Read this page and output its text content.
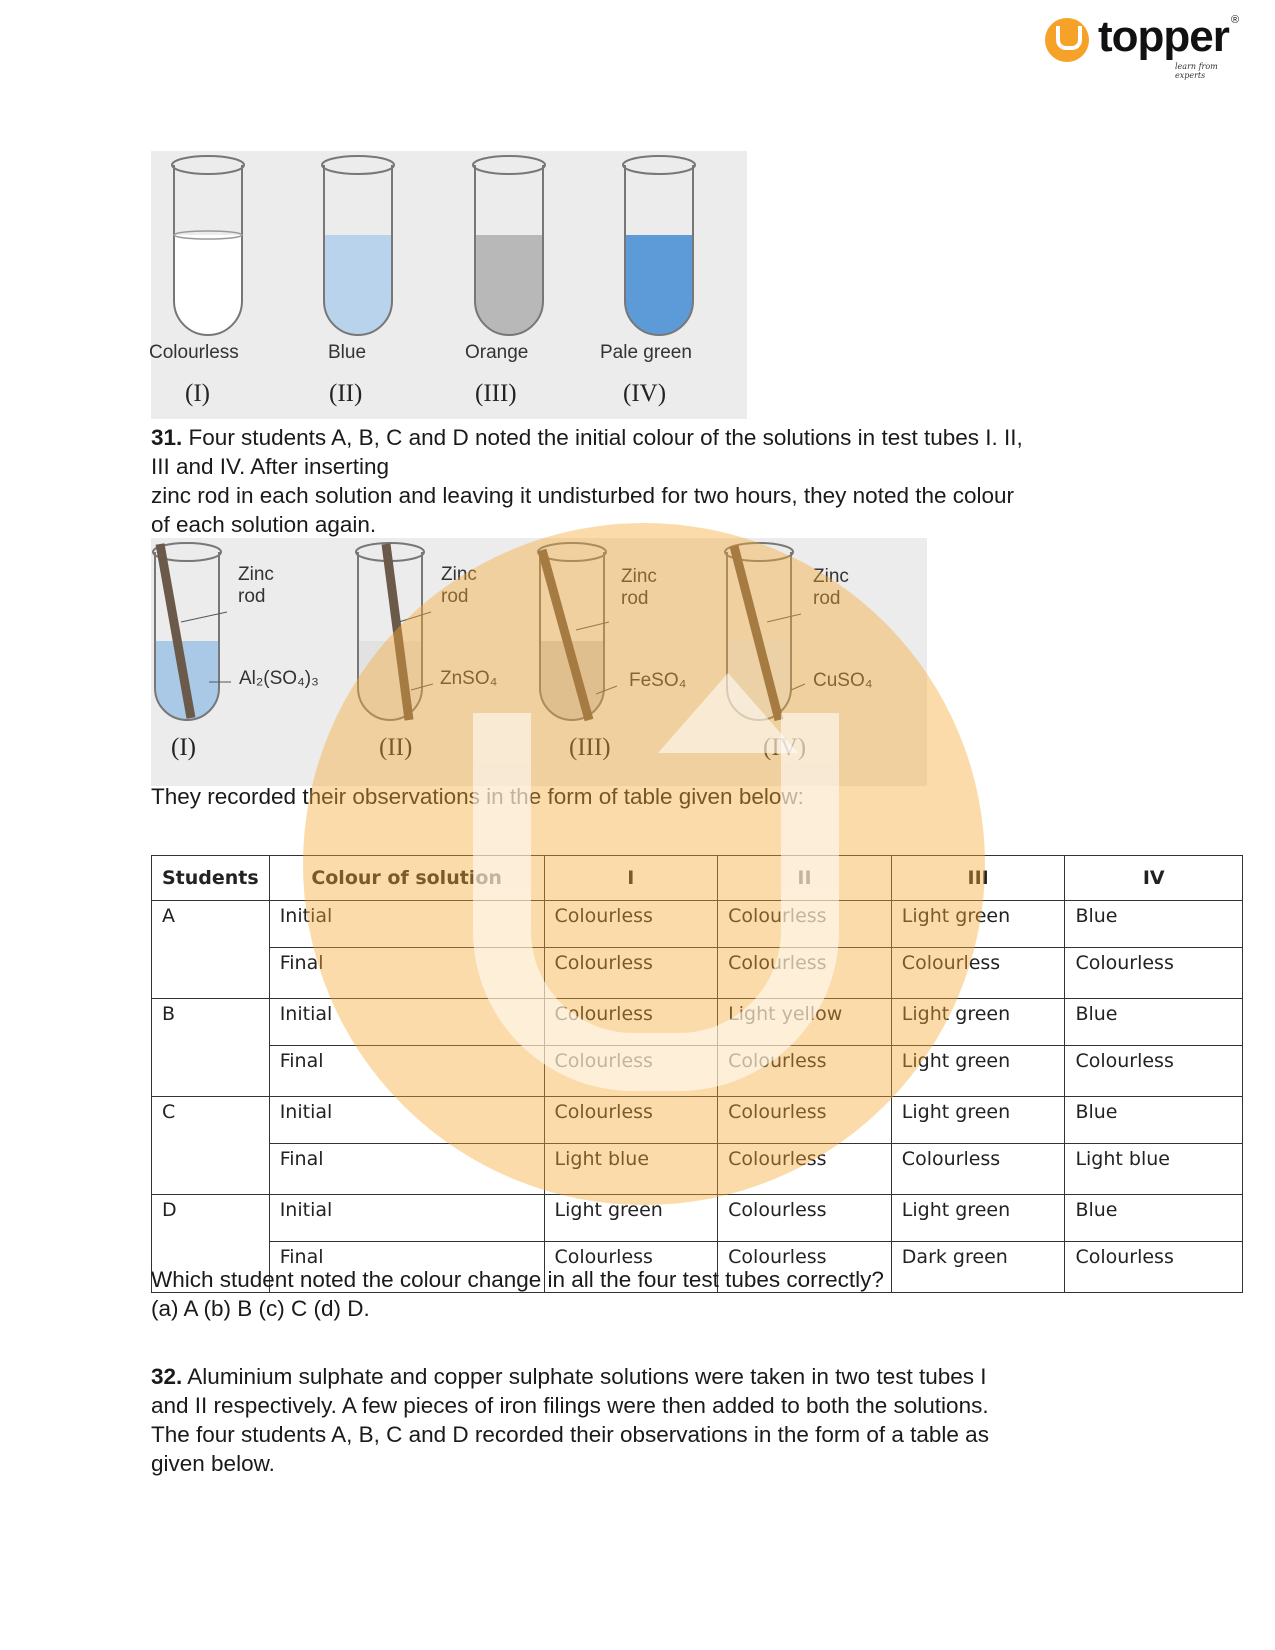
topper ®
learn from experts
Colourless	Blue	Orange	Pale green
(I)	(II)	(III)	(IV)
31. Four students A, B, C and D noted the initial colour of the solutions in test tubes I. II,
III and IV. After inserting
zinc rod in each solution and leaving it undisturbed for two hours, they noted the colour
of each solution again.
Zinc
rod
Zinc
rod
Zinc
rod
Zinc
rod
Al₂(SO₄)₃	ZnSO₄	FeSO₄	CuSO₄
(I)	(II)	(III)	(IV)
They recorded their observations in the form of table given below:
Students	Colour of solution	I	II	III	IV
A	Initial	Colourless	Colourless	Light green	Blue
	Final	Colourless	Colourless	Colourless	Colourless
B	Initial	Colourless	Light yellow	Light green	Blue
	Final	Colourless	Colourless	Light green	Colourless
C	Initial	Colourless	Colourless	Light green	Blue
	Final	Light blue	Colourless	Colourless	Light blue
D	Initial	Light green	Colourless	Light green	Blue
	Final	Colourless	Colourless	Dark green	Colourless
Which student noted the colour change in all the four test tubes correctly?
(a) A (b) B (c) C (d) D.
32. Aluminium sulphate and copper sulphate solutions were taken in two test tubes I
and II respectively. A few pieces of iron filings were then added to both the solutions.
The four students A, B, C and D recorded their observations in the form of a table as
given below.
